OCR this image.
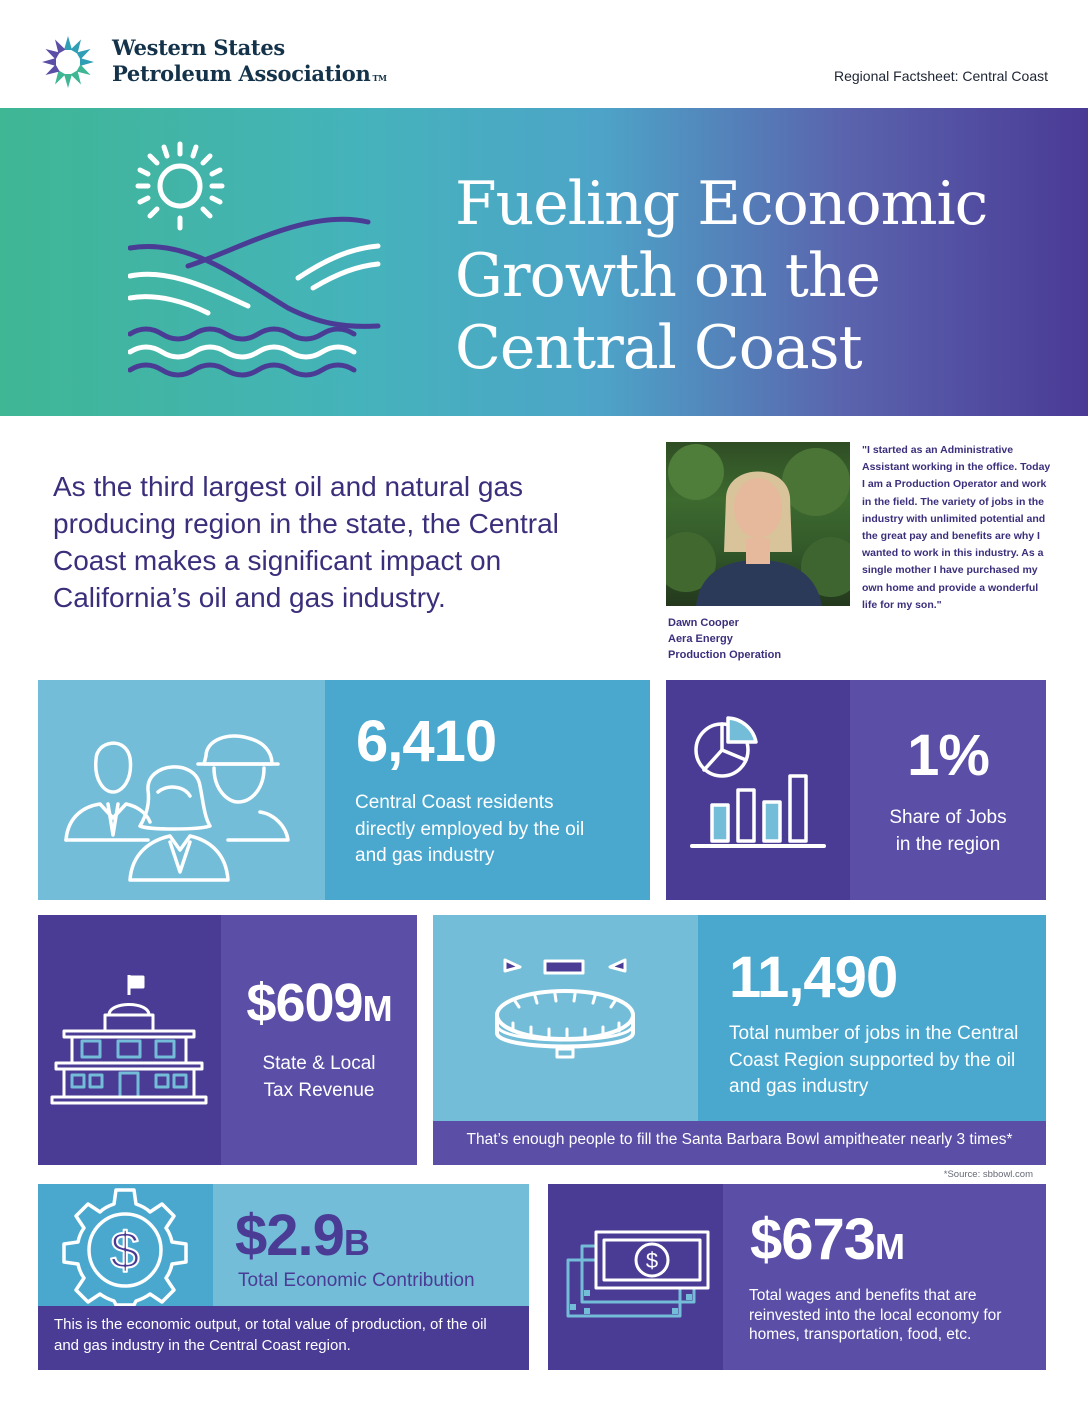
Western States
Petroleum Association TM	Regional Factsheet: Central Coast
Fueling Economic
Growth on the
Central Coast
As the third largest oil and natural gas producing region in the state, the Central Coast makes a significant impact on California’s oil and gas industry.
Dawn Cooper
Aera Energy
Production Operation
"I started as an Administrative Assistant working in the office. Today I am a Production Operator and work in the field. The variety of jobs in the industry with unlimited potential and the great pay and benefits are why I wanted to work in this industry. As a single mother I have purchased my own home and provide a wonderful life for my son."
6,410
Central Coast residents directly employed by the oil and gas industry
1%
Share of Jobs
in the region
$609M
State & Local
Tax Revenue
11,490
Total number of jobs in the Central Coast Region supported by the oil and gas industry
That’s enough people to fill the Santa Barbara Bowl ampitheater nearly 3 times*
*Source: sbbowl.com
$ $2.9B
Total Economic Contribution
This is the economic output, or total value of production, of the oil and gas industry in the Central Coast region.
$ $673M
Total wages and benefits that are reinvested into the local economy for homes, transportation, food, etc.
